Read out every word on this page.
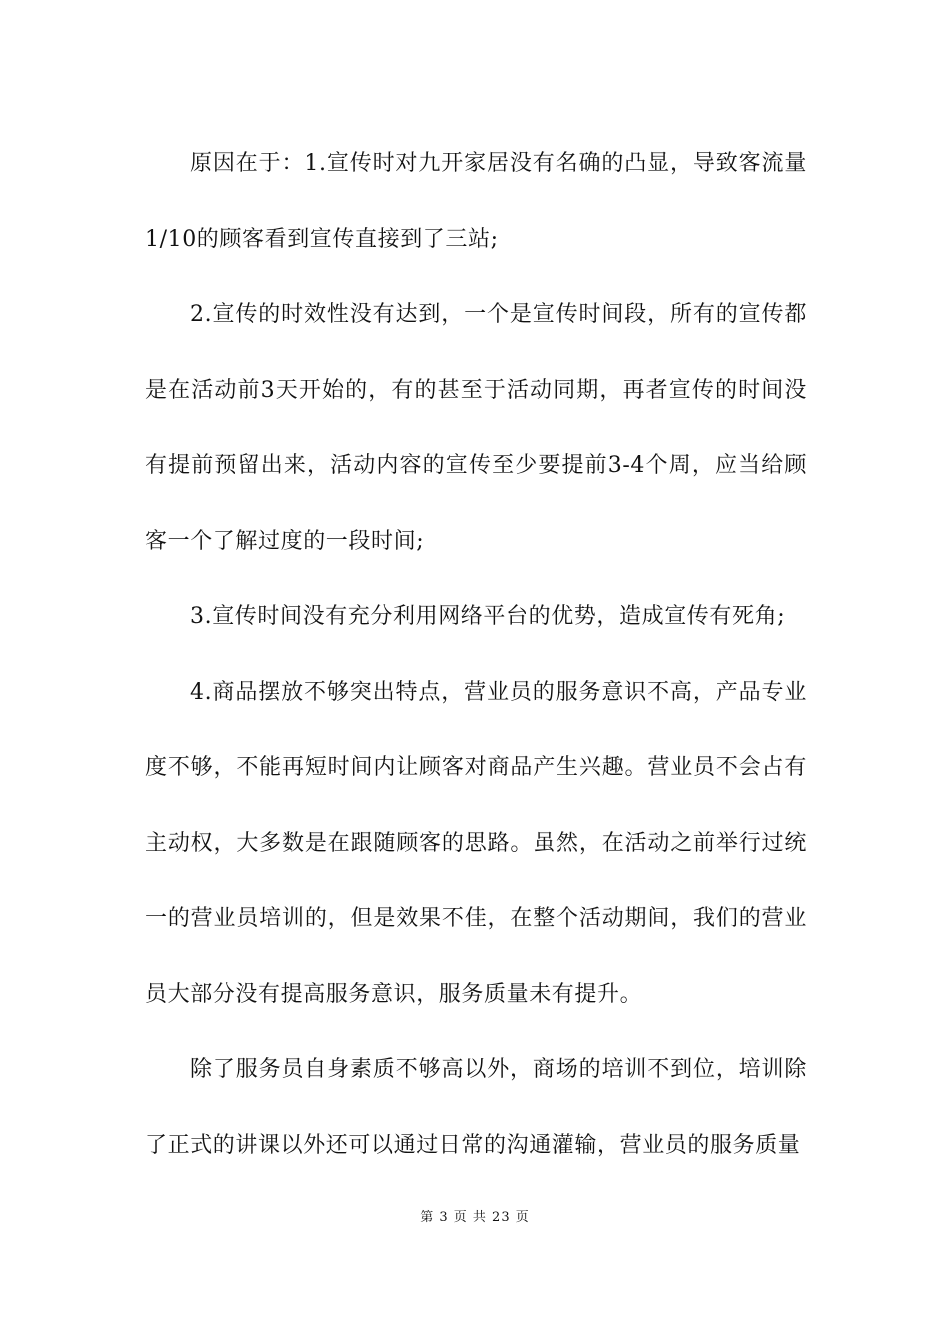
原因在于：1.宣传时对九开家居没有名确的凸显，导致客流量1/10的顾客看到宣传直接到了三站;

2.宣传的时效性没有达到，一个是宣传时间段，所有的宣传都是在活动前3天开始的，有的甚至于活动同期，再者宣传的时间没有提前预留出来，活动内容的宣传至少要提前3-4个周，应当给顾客一个了解过度的一段时间;

3.宣传时间没有充分利用网络平台的优势，造成宣传有死角;

4.商品摆放不够突出特点，营业员的服务意识不高，产品专业度不够，不能再短时间内让顾客对商品产生兴趣。营业员不会占有主动权，大多数是在跟随顾客的思路。虽然，在活动之前举行过统一的营业员培训的，但是效果不佳，在整个活动期间，我们的营业员大部分没有提高服务意识，服务质量未有提升。

除了服务员自身素质不够高以外，商场的培训不到位，培训除了正式的讲课以外还可以通过日常的沟通灌输，营业员的服务质量

第 3 页 共 23 页
